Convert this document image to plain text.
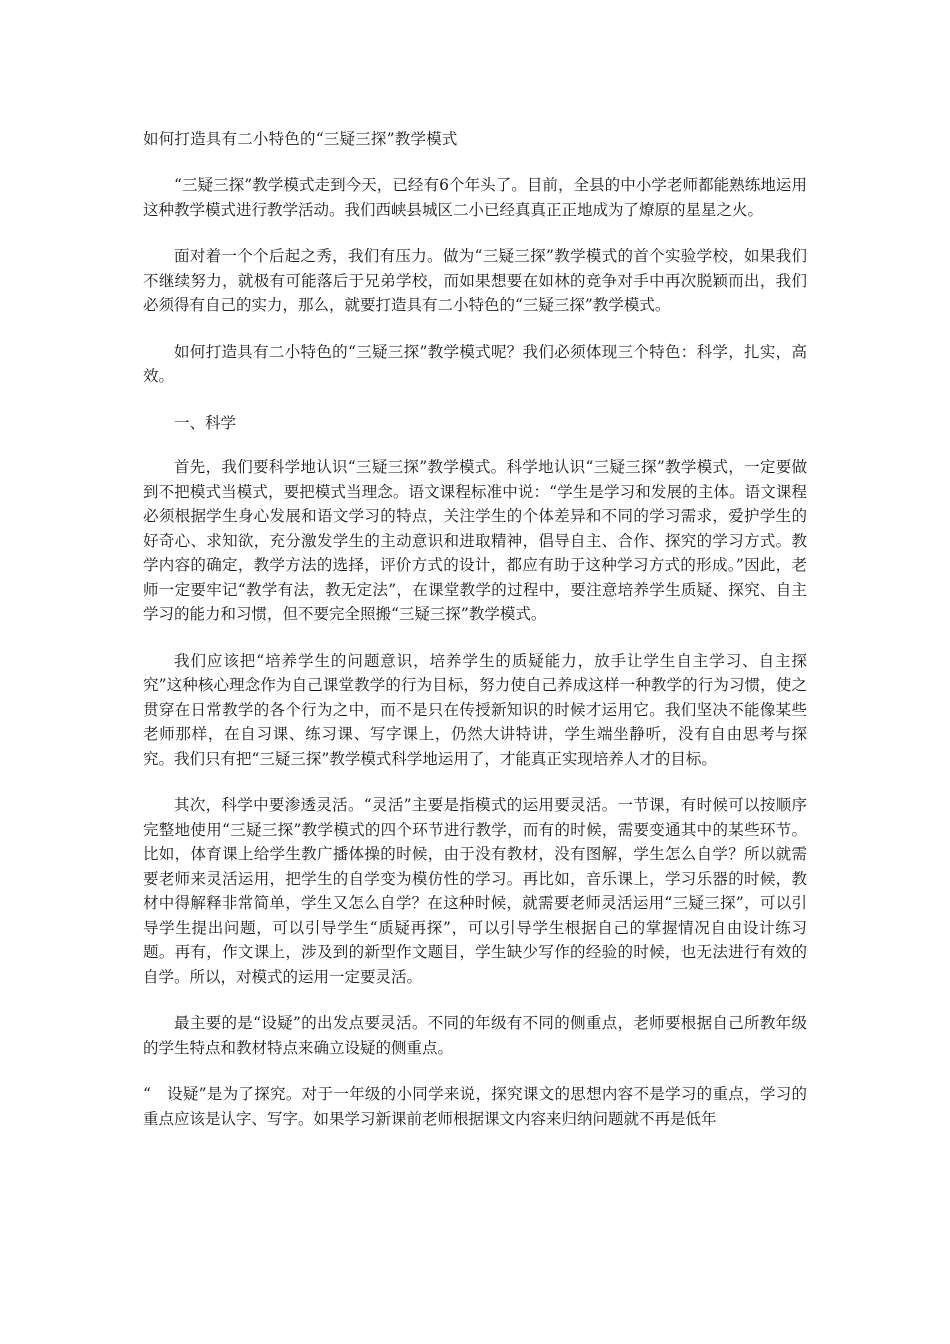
如何打造具有二小特色的“三疑三探”教学模式

“三疑三探”教学模式走到今天，已经有6个年头了。目前，全县的中小学老师都能熟练地运用这种教学模式进行教学活动。我们西峡县城区二小已经真真正正地成为了燎原的星星之火。

面对着一个个后起之秀，我们有压力。做为“三疑三探”教学模式的首个实验学校，如果我们不继续努力，就极有可能落后于兄弟学校，而如果想要在如林的竞争对手中再次脱颖而出，我们必须得有自己的实力，那么，就要打造具有二小特色的“三疑三探”教学模式。

如何打造具有二小特色的“三疑三探”教学模式呢？我们必须体现三个特色：科学，扎实，高效。

一、科学

首先，我们要科学地认识“三疑三探”教学模式。科学地认识“三疑三探”教学模式，一定要做到不把模式当模式，要把模式当理念。语文课程标准中说：“学生是学习和发展的主体。语文课程必须根据学生身心发展和语文学习的特点，关注学生的个体差异和不同的学习需求，爱护学生的好奇心、求知欲，充分激发学生的主动意识和进取精神，倡导自主、合作、探究的学习方式。教学内容的确定，教学方法的选择，评价方式的设计，都应有助于这种学习方式的形成。”因此，老师一定要牢记“教学有法，教无定法”，在课堂教学的过程中，要注意培养学生质疑、探究、自主学习的能力和习惯，但不要完全照搬“三疑三探”教学模式。

我们应该把“培养学生的问题意识，培养学生的质疑能力，放手让学生自主学习、自主探究”这种核心理念作为自己课堂教学的行为目标，努力使自己养成这样一种教学的行为习惯，使之贯穿在日常教学的各个行为之中，而不是只在传授新知识的时候才运用它。我们坚决不能像某些老师那样，在自习课、练习课、写字课上，仍然大讲特讲，学生端坐静听，没有自由思考与探究。我们只有把“三疑三探”教学模式科学地运用了，才能真正实现培养人才的目标。

其次，科学中要渗透灵活。“灵活”主要是指模式的运用要灵活。一节课，有时候可以按顺序完整地使用“三疑三探”教学模式的四个环节进行教学，而有的时候，需要变通其中的某些环节。比如，体育课上给学生教广播体操的时候，由于没有教材，没有图解，学生怎么自学？所以就需要老师来灵活运用，把学生的自学变为模仿性的学习。再比如，音乐课上，学习乐器的时候，教材中得解释非常简单，学生又怎么自学？在这种时候，就需要老师灵活运用“三疑三探”，可以引导学生提出问题，可以引导学生“质疑再探”，可以引导学生根据自己的掌握情况自由设计练习题。再有，作文课上，涉及到的新型作文题目，学生缺少写作的经验的时候，也无法进行有效的自学。所以，对模式的运用一定要灵活。

最主要的是“设疑”的出发点要灵活。不同的年级有不同的侧重点，老师要根据自己所教年级的学生特点和教材特点来确立设疑的侧重点。

“　设疑”是为了探究。对于一年级的小同学来说，探究课文的思想内容不是学习的重点，学习的重点应该是认字、写字。如果学习新课前老师根据课文内容来归纳问题就不再是低年
